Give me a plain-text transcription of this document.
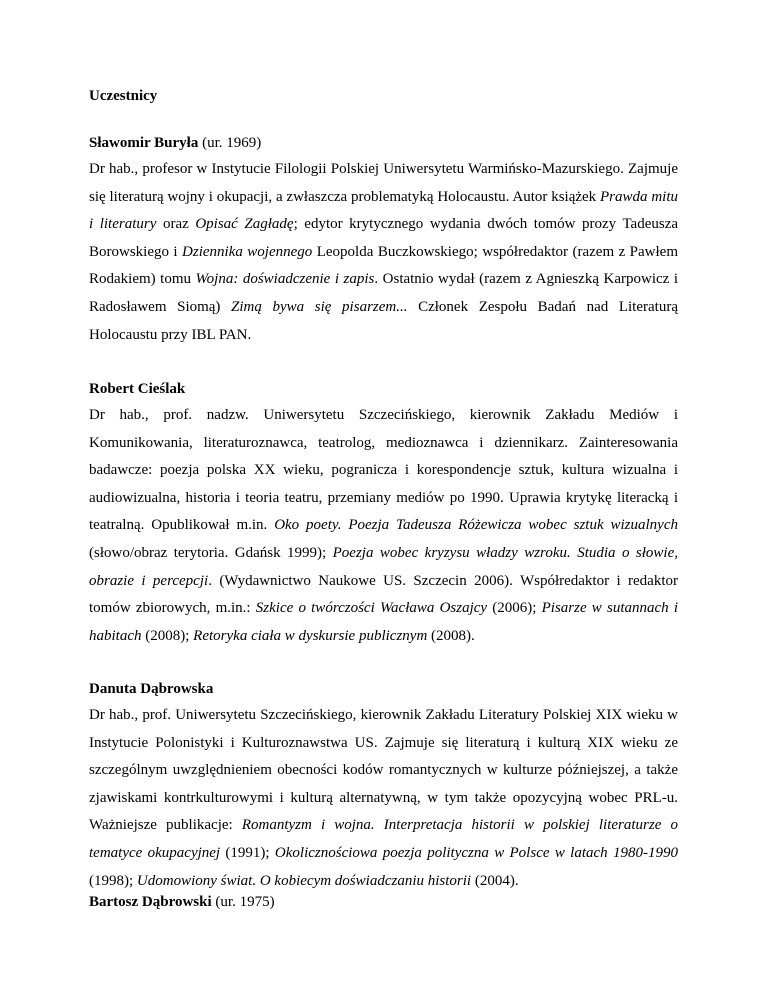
Uczestnicy
Sławomir Buryła (ur. 1969)

Dr hab., profesor w Instytucie Filologii Polskiej Uniwersytetu Warmińsko-Mazurskiego. Zajmuje się literaturą wojny i okupacji, a zwłaszcza problematyką Holocaustu. Autor książek Prawda mitu i literatury oraz Opisać Zagładę; edytor krytycznego wydania dwóch tomów prozy Tadeusza Borowskiego i Dziennika wojennego Leopolda Buczkowskiego; współredaktor (razem z Pawłem Rodakiem) tomu Wojna: doświadczenie i zapis. Ostatnio wydał (razem z Agnieszką Karpowicz i Radosławem Siomą) Zimą bywa się pisarzem... Członek Zespołu Badań nad Literaturą Holocaustu przy IBL PAN.

Robert Cieślak

Dr hab., prof. nadzw. Uniwersytetu Szczecińskiego, kierownik Zakładu Mediów i Komunikowania, literaturoznawca, teatrolog, medioznawca i dziennikarz. Zainteresowania badawcze: poezja polska XX wieku, pogranicza i korespondencje sztuk, kultura wizualna i audiowizualna, historia i teoria teatru, przemiany mediów po 1990. Uprawia krytykę literacką i teatralną. Opublikował m.in. Oko poety. Poezja Tadeusza Różewicza wobec sztuk wizualnych (słowo/obraz terytoria. Gdańsk 1999); Poezja wobec kryzysu władzy wzroku. Studia o słowie, obrazie i percepcji. (Wydawnictwo Naukowe US. Szczecin 2006). Współredaktor i redaktor tomów zbiorowych, m.in.: Szkice o twórczości Wacława Oszajcy (2006); Pisarze w sutannach i habitach (2008); Retoryka ciała w dyskursie publicznym (2008).

Danuta Dąbrowska

Dr hab., prof. Uniwersytetu Szczecińskiego, kierownik Zakładu Literatury Polskiej XIX wieku w Instytucie Polonistyki i Kulturoznawstwa US. Zajmuje się literaturą i kulturą XIX wieku ze szczególnym uwzględnieniem obecności kodów romantycznych w kulturze późniejszej, a także zjawiskami kontrkulturowymi i kulturą alternatywną, w tym także opozycyjną wobec PRL-u. Ważniejsze publikacje: Romantyzm i wojna. Interpretacja historii w polskiej literaturze o tematyce okupacyjnej (1991); Okolicznościowa poezja polityczna w Polsce w latach 1980-1990 (1998); Udomowiony świat. O kobiecym doświadczaniu historii (2004).

Bartosz Dąbrowski (ur. 1975)
